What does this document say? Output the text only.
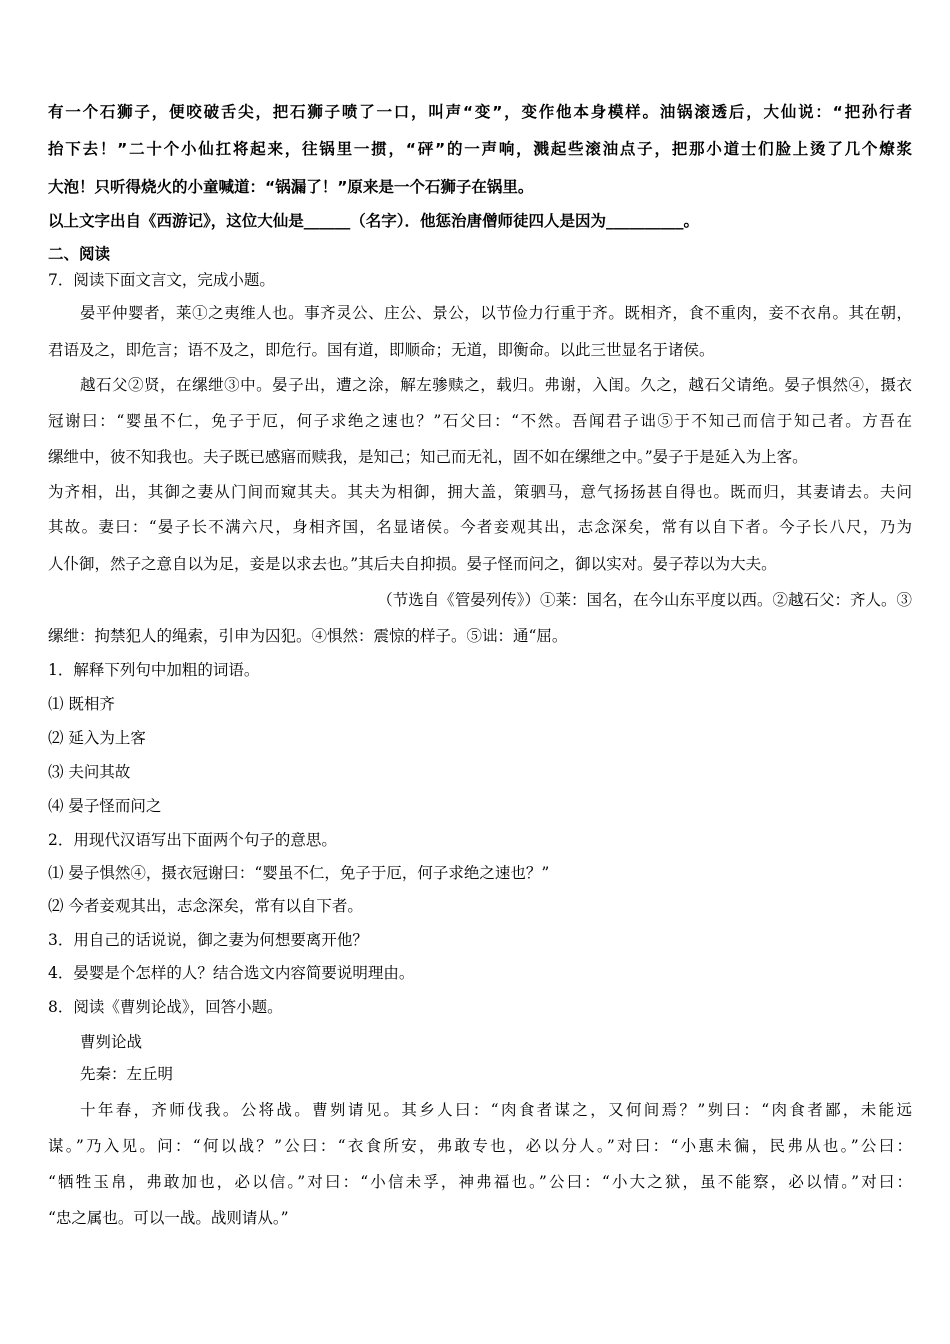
有一个石狮子，便咬破舌尖，把石狮子喷了一口，叫声“变”，变作他本身模样。油锅滚透后，大仙说：“把孙行者
抬下去！”二十个小仙扛将起来，往锅里一掼，“砰”的一声响，溅起些滚油点子，把那小道士们脸上烫了几个燎浆
大泡！只听得烧火的小童喊道：“锅漏了！”原来是一个石狮子在锅里。
以上文字出自《西游记》，这位大仙是______（名字）．他惩治唐僧师徒四人是因为__________。
二、阅读
7．阅读下面文言文，完成小题。
晏平仲婴者，莱①之夷维人也。事齐灵公、庄公、景公，以节俭力行重于齐。既相齐，食不重肉，妾不衣帛。其在朝，
君语及之，即危言；语不及之，即危行。国有道，即顺命；无道，即衡命。以此三世显名于诸侯。
越石父②贤，在缧绁③中。晏子出，遭之涂，解左骖赎之，载归。弗谢，入闺。久之，越石父请绝。晏子惧然④，摄衣
冠谢曰：“婴虽不仁，免子于厄，何子求绝之速也？”石父曰：“不然。吾闻君子诎⑤于不知己而信于知己者。方吾在
缧绁中，彼不知我也。夫子既已感寤而赎我，是知己；知己而无礼，固不如在缧绁之中。”晏子于是延入为上客。
为齐相，出，其御之妻从门间而窥其夫。其夫为相御，拥大盖，策驷马，意气扬扬甚自得也。既而归，其妻请去。夫问
其故。妻曰：“晏子长不满六尺，身相齐国，名显诸侯。今者妾观其出，志念深矣，常有以自下者。今子长八尺，乃为
人仆御，然子之意自以为足，妾是以求去也。”其后夫自抑损。晏子怪而问之，御以实对。晏子荐以为大夫。
（节选自《管晏列传》）①莱：国名，在今山东平度以西。②越石父：齐人。③
缧绁：拘禁犯人的绳索，引申为囚犯。④惧然：震惊的样子。⑤诎：通“屈。
1．解释下列句中加粗的词语。
⑴ 既相齐
⑵ 延入为上客
⑶ 夫问其故
⑷ 晏子怪而问之
2．用现代汉语写出下面两个句子的意思。
⑴ 晏子惧然④，摄衣冠谢曰：“婴虽不仁，免子于厄，何子求绝之速也？”
⑵ 今者妾观其出，志念深矣，常有以自下者。
3．用自己的话说说，御之妻为何想要离开他？
4．晏婴是个怎样的人？结合选文内容简要说明理由。
8．阅读《曹刿论战》，回答小题。
曹刿论战
先秦：左丘明
十年春，齐师伐我。公将战。曹刿请见。其乡人曰：“肉食者谋之，又何间焉？”刿曰：“肉食者鄙，未能远
谋。”乃入见。问：“何以战？”公曰：“衣食所安，弗敢专也，必以分人。”对曰：“小惠未徧，民弗从也。”公曰：
“牺牲玉帛，弗敢加也，必以信。”对曰：“小信未孚，神弗福也。”公曰：“小大之狱，虽不能察，必以情。”对曰：
“忠之属也。可以一战。战则请从。”
